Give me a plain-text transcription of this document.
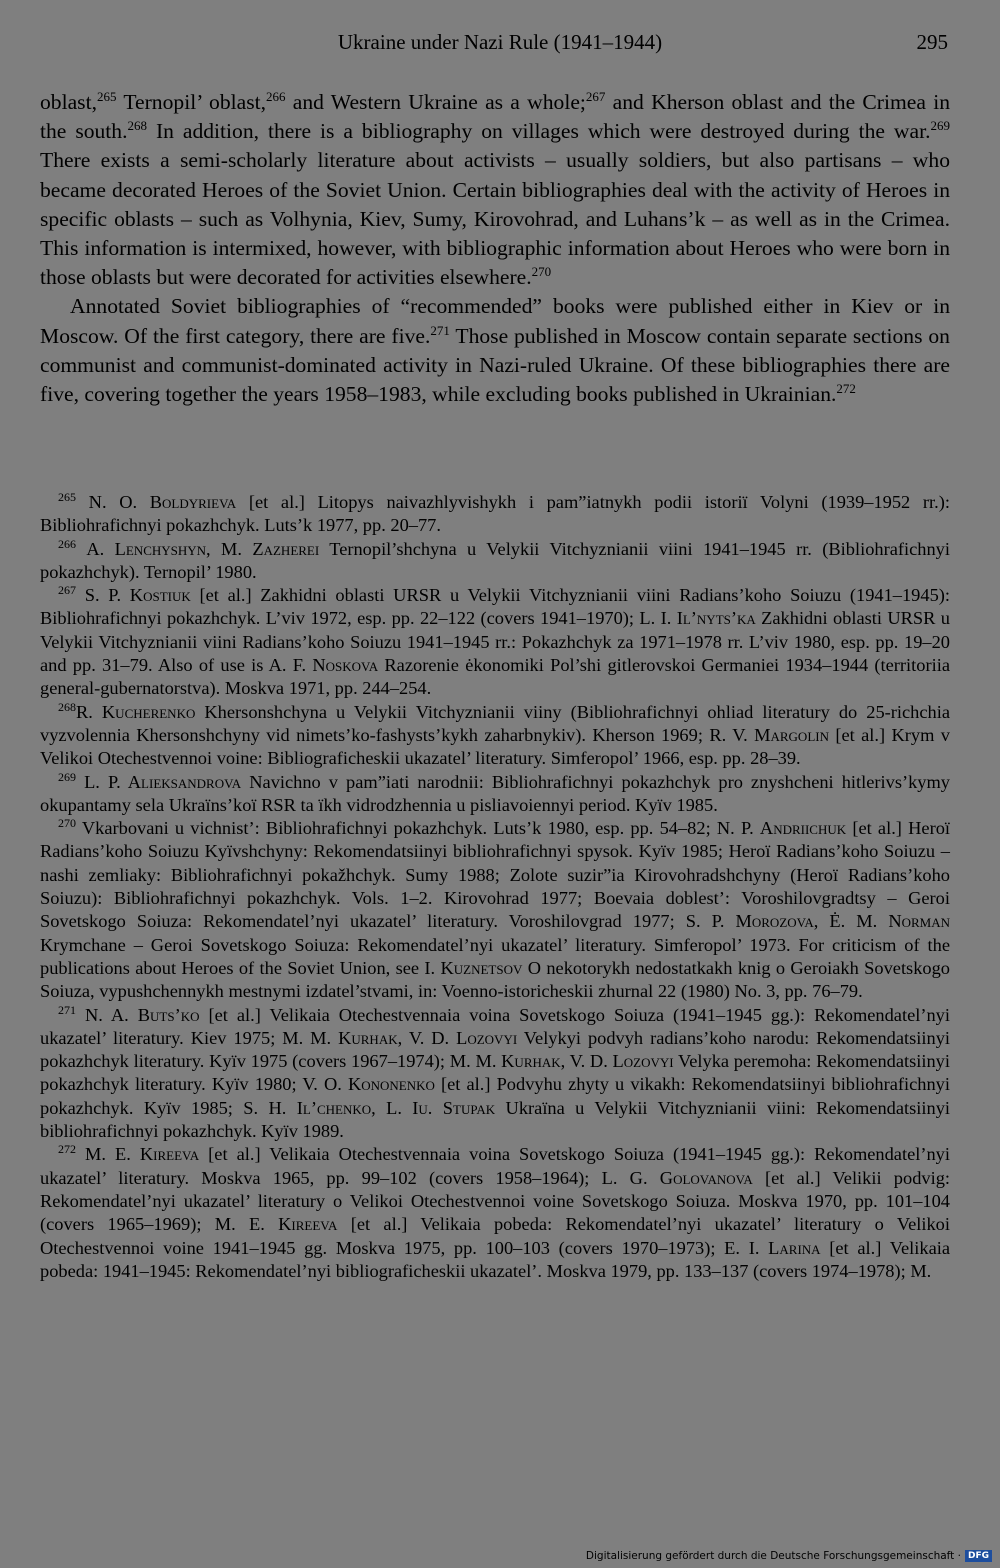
Ukraine under Nazi Rule (1941–1944)	295

oblast,$^{265}$ Ternopil’ oblast,$^{266}$ and Western Ukraine as a whole;$^{267}$ and Kherson oblast and the Crimea in the south.$^{268}$ In addition, there is a bibliography on villages which were destroyed during the war.$^{269}$ There exists a semi-scholarly literature about activists – usually soldiers, but also partisans – who became decorated Heroes of the Soviet Union. Certain bibliographies deal with the activity of Heroes in specific oblasts – such as Volhynia, Kiev, Sumy, Kirovohrad, and Luhans’k – as well as in the Crimea. This information is intermixed, however, with bibliographic information about Heroes who were born in those oblasts but were decorated for activities elsewhere.$^{270}$

Annotated Soviet bibliographies of “recommended” books were published either in Kiev or in Moscow. Of the first category, there are five.$^{271}$ Those published in Moscow contain separate sections on communist and communist-dominated activity in Nazi-ruled Ukraine. Of these bibliographies there are five, covering together the years 1958–1983, while excluding books published in Ukrainian.$^{272}$

$^{265}$ N. O. Boldyrieva [et al.] Litopys naivazhlyvishykh i pam”iatnykh podii istoriï Volyni (1939–1952 rr.): Bibliohrafichnyi pokazhchyk. Luts’k 1977, pp. 20–77.

$^{266}$ A. Lenchyshyn, M. Zazherei Ternopil’shchyna u Velykii Vitchyznianii viini 1941–1945 rr. (Bibliohrafichnyi pokazhchyk). Ternopil’ 1980.

$^{267}$ S. P. Kostiuk [et al.] Zakhidni oblasti URSR u Velykii Vitchyznianii viini Radians’koho Soiuzu (1941–1945): Bibliohrafichnyi pokazhchyk. L’viv 1972, esp. pp. 22–122 (covers 1941–1970); L. I. Il’nyts’ka Zakhidni oblasti URSR u Velykii Vitchyznianii viini Radians’koho Soiuzu 1941–1945 rr.: Pokazhchyk za 1971–1978 rr. L’viv 1980, esp. pp. 19–20 and pp. 31–79. Also of use is A. F. Noskova Razorenie ėkonomiki Pol’shi gitlerovskoi Germaniei 1934–1944 (territoriia general-gubernatorstva). Moskva 1971, pp. 244–254.

$^{268}$R. Kucherenko Khersonshchyna u Velykii Vitchyznianii viiny (Bibliohrafichnyi ohliad literatury do 25-richchia vyzvolennia Khersonshchyny vid nimets’ko-fashysts’kykh zaharbnykiv). Kherson 1969; R. V. Margolin [et al.] Krym v Velikoi Otechestvennoi voine: Bibliograficheskii ukazatel’ literatury. Simferopol’ 1966, esp. pp. 28–39.

$^{269}$ L. P. Alieksandrova Navichno v pam”iati narodnii: Bibliohrafichnyi pokazhchyk pro znyshcheni hitlerivs’kymy okupantamy sela Ukraïns’koï RSR ta ïkh vidrodzhennia u pisliavoiennyi period. Kyïv 1985.

$^{270}$ Vkarbovani u vichnist’: Bibliohrafichnyi pokazhchyk. Luts’k 1980, esp. pp. 54–82; N. P. Andriichuk [et al.] Heroï Radians’koho Soiuzu Kyïvshchyny: Rekomendatsiinyi bibliohrafichnyi spysok. Kyïv 1985; Heroï Radians’koho Soiuzu – nashi zemliaky: Bibliohrafichnyi pokažhchyk. Sumy 1988; Zolote suzir”ia Kirovohradshchyny (Heroï Radians’koho Soiuzu): Bibliohrafichnyi pokazhchyk. Vols. 1–2. Kirovohrad 1977; Boevaia doblest’: Voroshilovgradtsy – Geroi Sovetskogo Soiuza: Rekomendatel’nyi ukazatel’ literatury. Voroshilovgrad 1977; S. P. Morozova, Ė. M. Norman Krymchane – Geroi Sovetskogo Soiuza: Rekomendatel’nyi ukazatel’ literatury. Simferopol’ 1973. For criticism of the publications about Heroes of the Soviet Union, see I. Kuznetsov O nekotorykh nedostatkakh knig o Geroiakh Sovetskogo Soiuza, vypushchennykh mestnymi izdatel’stvami, in: Voenno-istoricheskii zhurnal 22 (1980) No. 3, pp. 76–79.

$^{271}$ N. A. Buts’ko [et al.] Velikaia Otechestvennaia voina Sovetskogo Soiuza (1941–1945 gg.): Rekomendatel’nyi ukazatel’ literatury. Kiev 1975; M. M. Kurhak, V. D. Lozovyi Velykyi podvyh radians’koho narodu: Rekomendatsiinyi pokazhchyk literatury. Kyïv 1975 (covers 1967–1974); M. M. Kurhak, V. D. Lozovyi Velyka peremoha: Rekomendatsiinyi pokazhchyk literatury. Kyïv 1980; V. O. Kononenko [et al.] Podvyhu zhyty u vikakh: Rekomendatsiinyi bibliohrafichnyi pokazhchyk. Kyïv 1985; S. H. Il’chenko, L. Iu. Stupak Ukraïna u Velykii Vitchyznianii viini: Rekomendatsiinyi bibliohrafichnyi pokazhchyk. Kyïv 1989.

$^{272}$ M. E. Kireeva [et al.] Velikaia Otechestvennaia voina Sovetskogo Soiuza (1941–1945 gg.): Rekomendatel’nyi ukazatel’ literatury. Moskva 1965, pp. 99–102 (covers 1958–1964); L. G. Golovanova [et al.] Velikii podvig: Rekomendatel’nyi ukazatel’ literatury o Velikoi Otechestvennoi voine Sovetskogo Soiuza. Moskva 1970, pp. 101–104 (covers 1965–1969); M. E. Kireeva [et al.] Velikaia pobeda: Rekomendatel’nyi ukazatel’ literatury o Velikoi Otechestvennoi voine 1941–1945 gg. Moskva 1975, pp. 100–103 (covers 1970–1973); E. I. Larina [et al.] Velikaia pobeda: 1941–1945: Rekomendatel’nyi bibliograficheskii ukazatel’. Moskva 1979, pp. 133–137 (covers 1974–1978); M.

Digitalisierung gefördert durch die Deutsche Forschungsgemeinschaft · DFG
